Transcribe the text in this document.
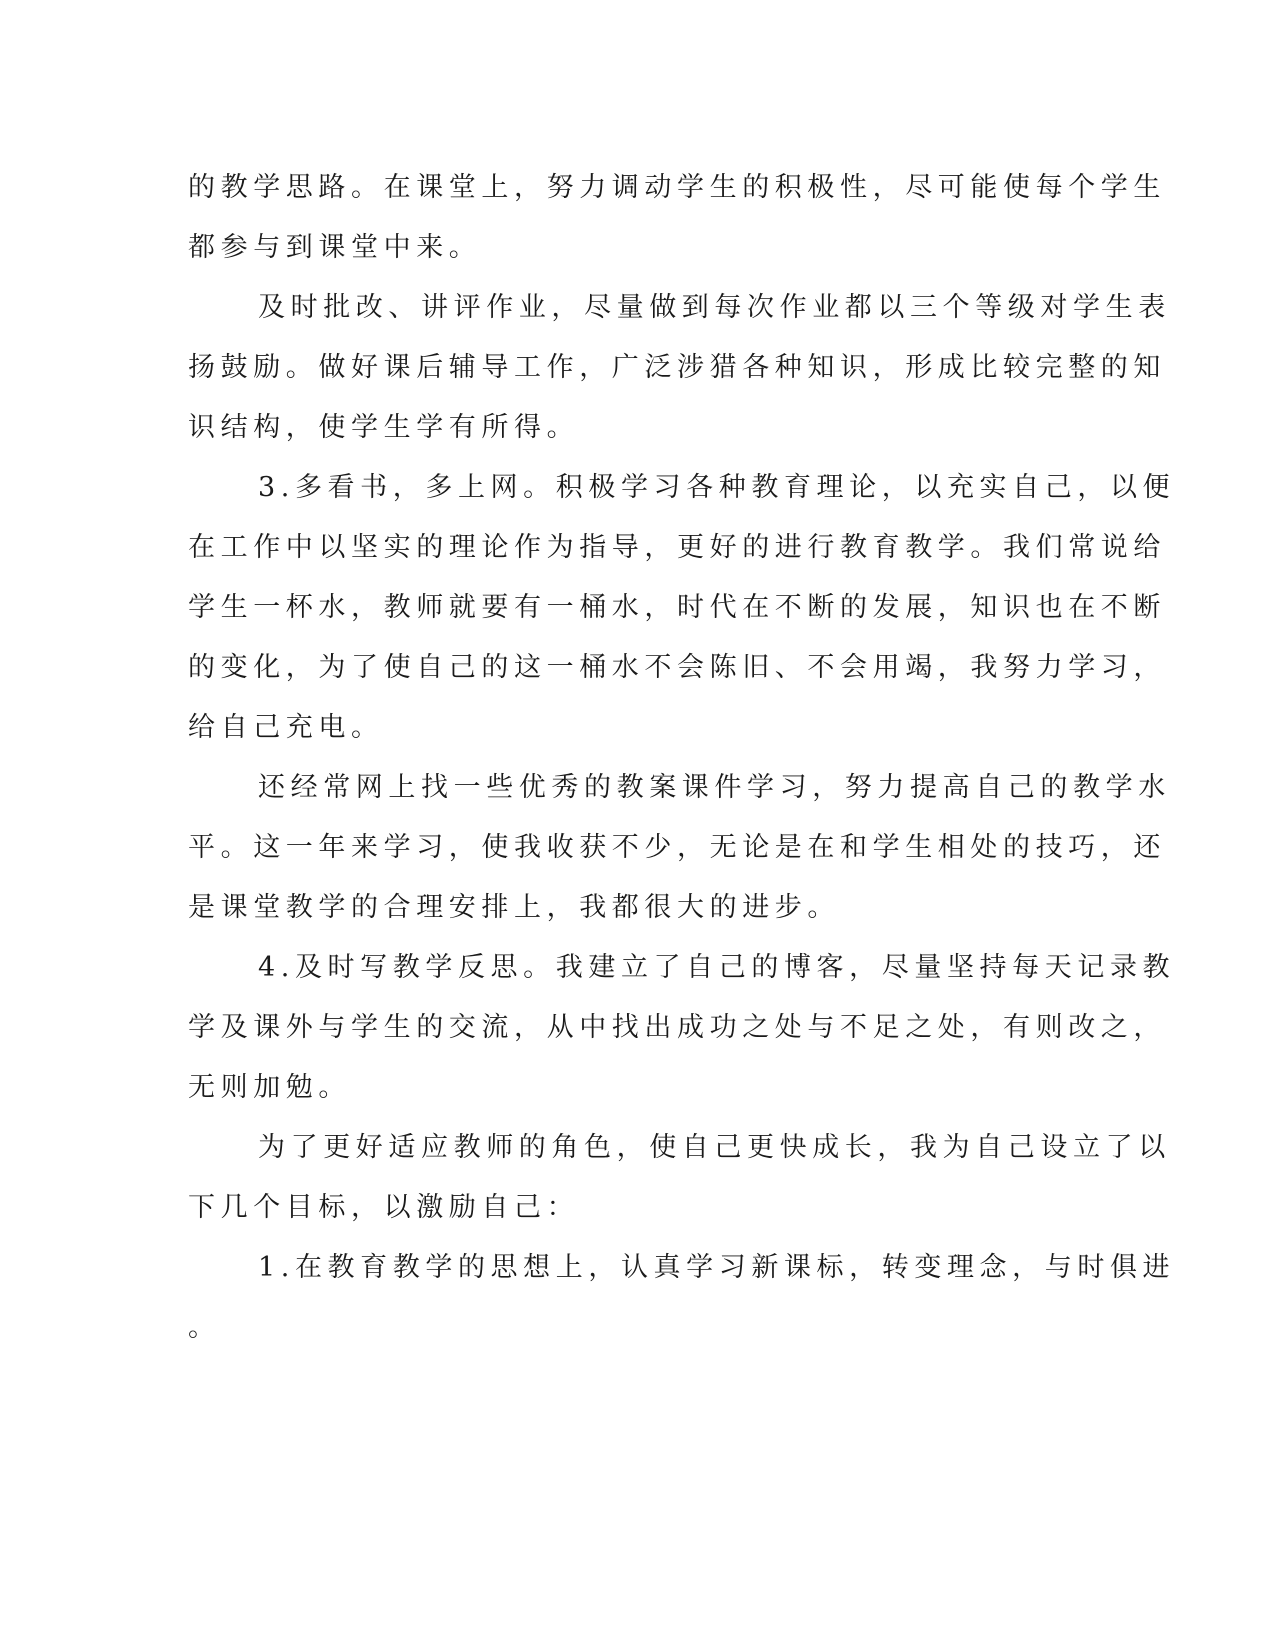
的教学思路。在课堂上，努力调动学生的积极性，尽可能使每个学生
都参与到课堂中来。
及时批改、讲评作业，尽量做到每次作业都以三个等级对学生表
扬鼓励。做好课后辅导工作，广泛涉猎各种知识，形成比较完整的知
识结构，使学生学有所得。
3.多看书，多上网。积极学习各种教育理论，以充实自己，以便
在工作中以坚实的理论作为指导，更好的进行教育教学。我们常说给
学生一杯水，教师就要有一桶水，时代在不断的发展，知识也在不断
的变化，为了使自己的这一桶水不会陈旧、不会用竭，我努力学习，
给自己充电。
还经常网上找一些优秀的教案课件学习，努力提高自己的教学水
平。这一年来学习，使我收获不少，无论是在和学生相处的技巧，还
是课堂教学的合理安排上，我都很大的进步。
4.及时写教学反思。我建立了自己的博客，尽量坚持每天记录教
学及课外与学生的交流，从中找出成功之处与不足之处，有则改之，
无则加勉。
为了更好适应教师的角色，使自己更快成长，我为自己设立了以
下几个目标，以激励自己：
1.在教育教学的思想上，认真学习新课标，转变理念，与时俱进
。
